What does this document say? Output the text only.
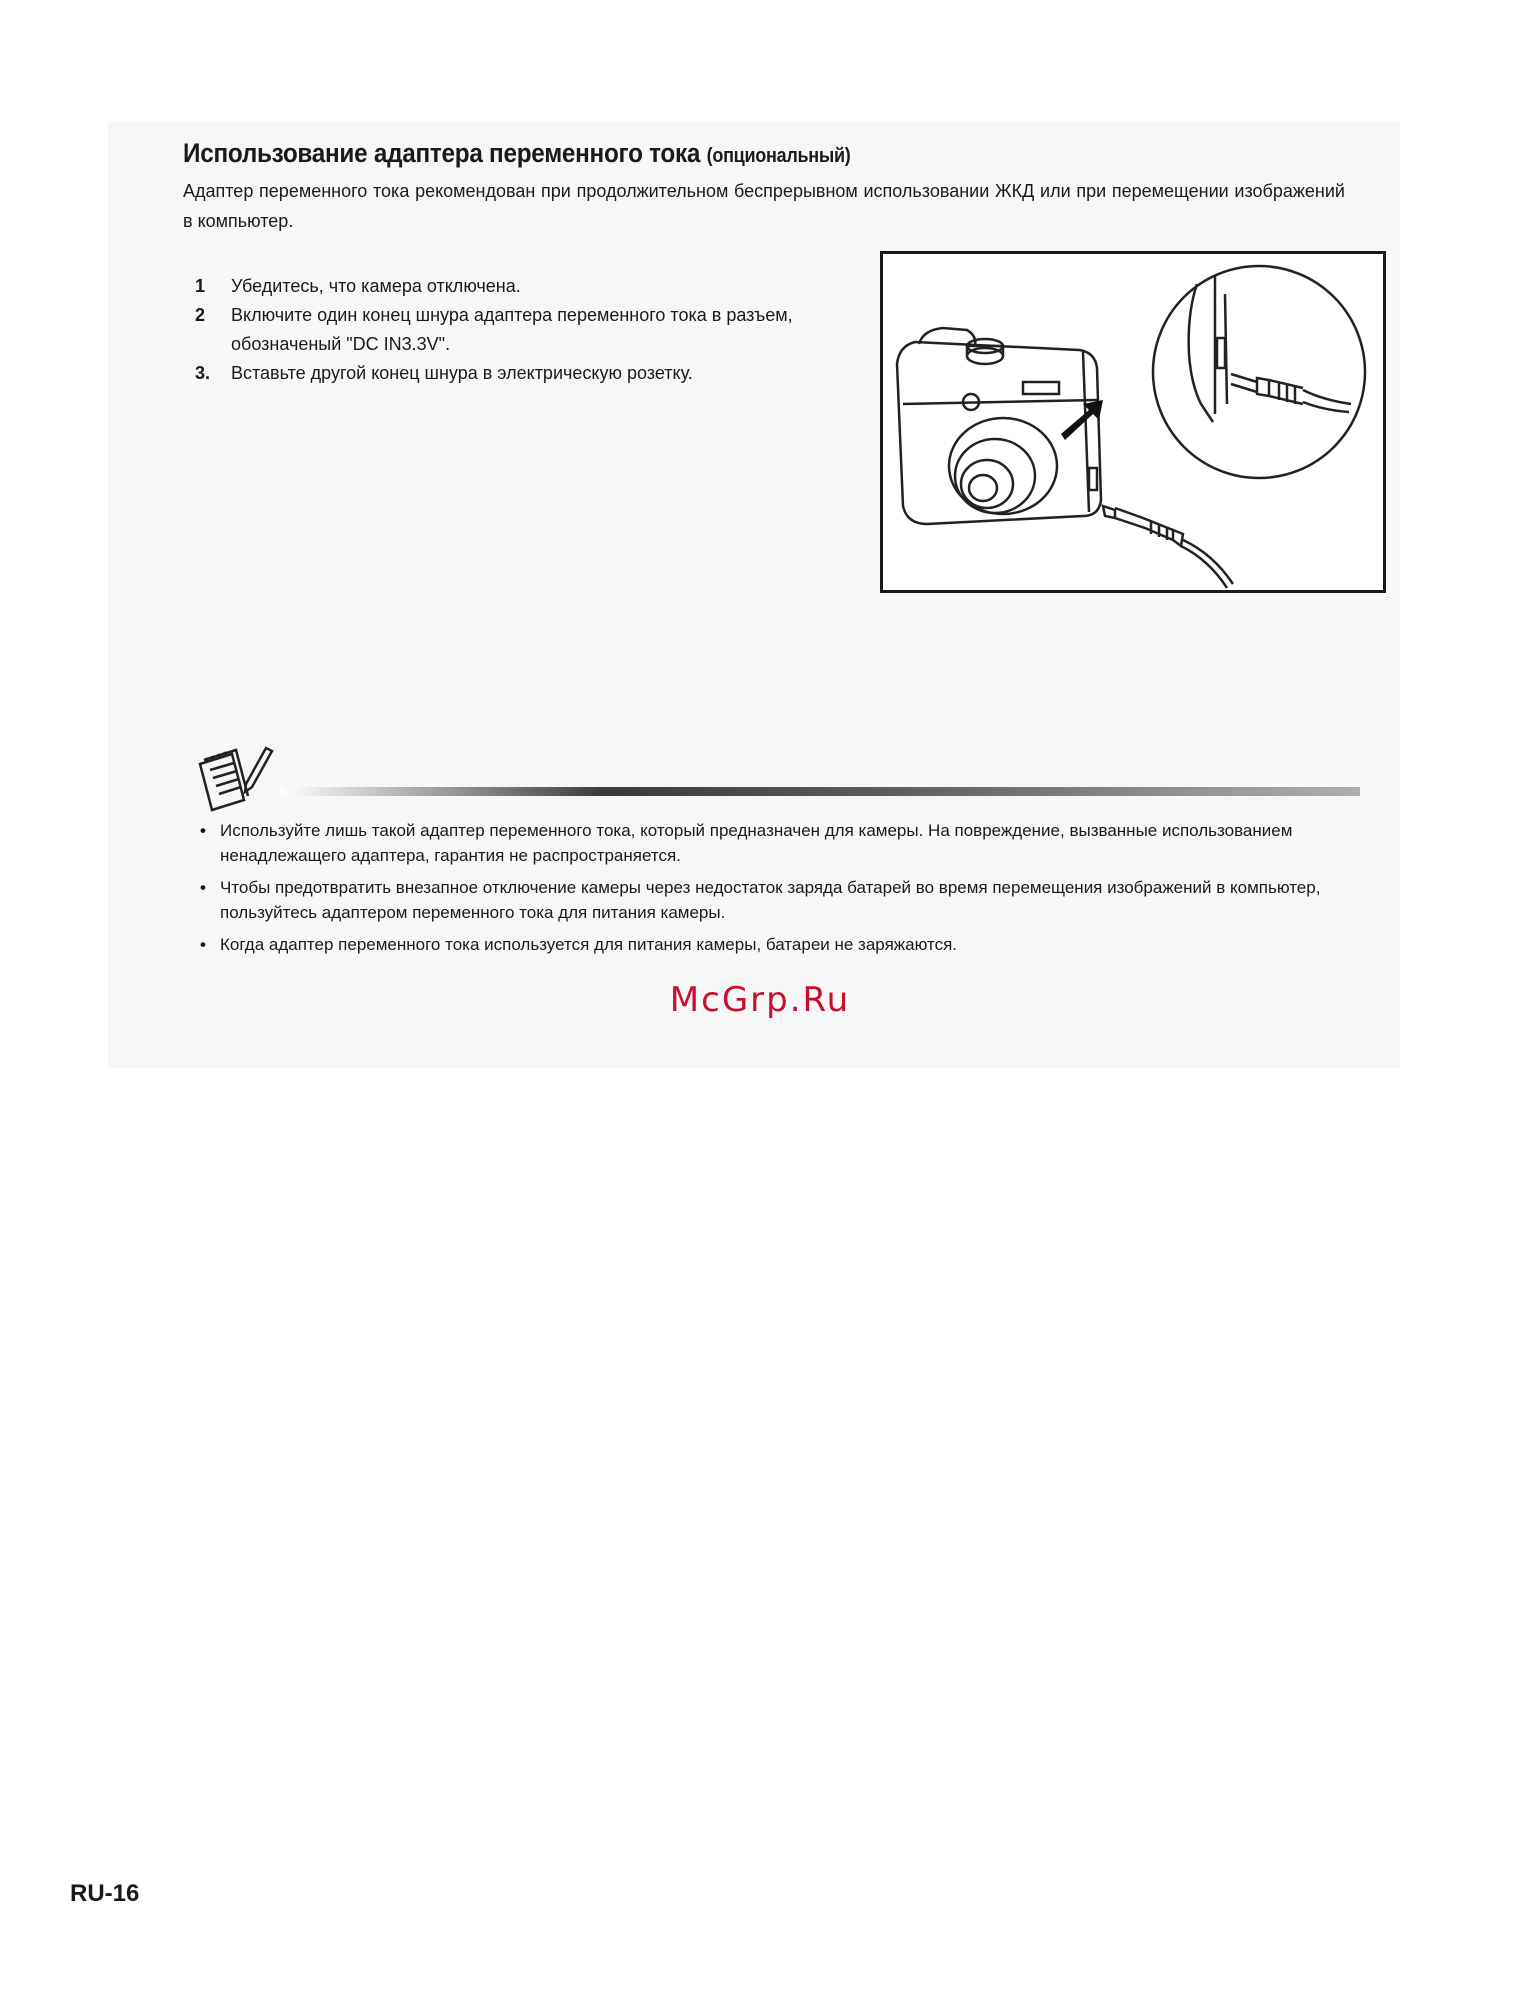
Использование адаптера переменного тока (опциональный)
Адаптер переменного тока рекомендован при продолжительном беспрерывном использовании ЖКД или при перемещении изображений в компьютер.
1 Убедитесь, что камера отключена.
2 Включите один конец шнура адаптера переменного тока в разъем, обозначеный "DC IN3.3V".
3. Вставьте другой конец шнура в электрическую розетку.
• Используйте лишь такой адаптер переменного тока, который предназначен для камеры. На повреждение, вызванные использованием ненадлежащего адаптера, гарантия не распространяется.
• Чтобы предотвратить внезапное отключение камеры через недостаток заряда батарей во время перемещения изображений в компьютер, пользуйтесь адаптером переменного тока для питания камеры.
• Когда адаптер переменного тока используется для питания камеры, батареи не заряжаются.
McGrp.Ru
RU-16
